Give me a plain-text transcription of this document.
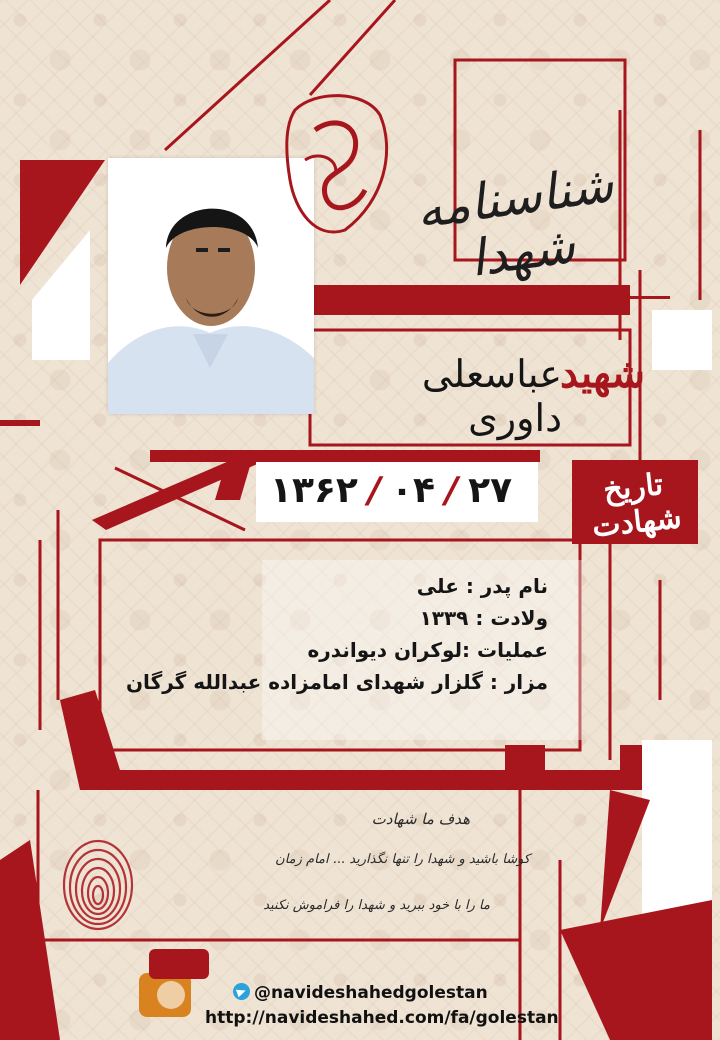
شناسنامه شهدا
شهید
عباسعلی داوری
۱۳۶۲ / ۰۴ / ۲۷	تاریخ شهادت
نام پدر : علی
ولادت : ۱۳۳۹
عملیات :لوکران دیواندره
مزار : گلزار شهدای امامزاده عبدالله گرگان
هدف ما شهادت
کوشا باشید و شهدا را تنها نگذارید ... امام زمان
ما را با خود ببرید و شهدا را فراموش نکنید
@navideshahedgolestan
http://navideshahed.com/fa/golestan
